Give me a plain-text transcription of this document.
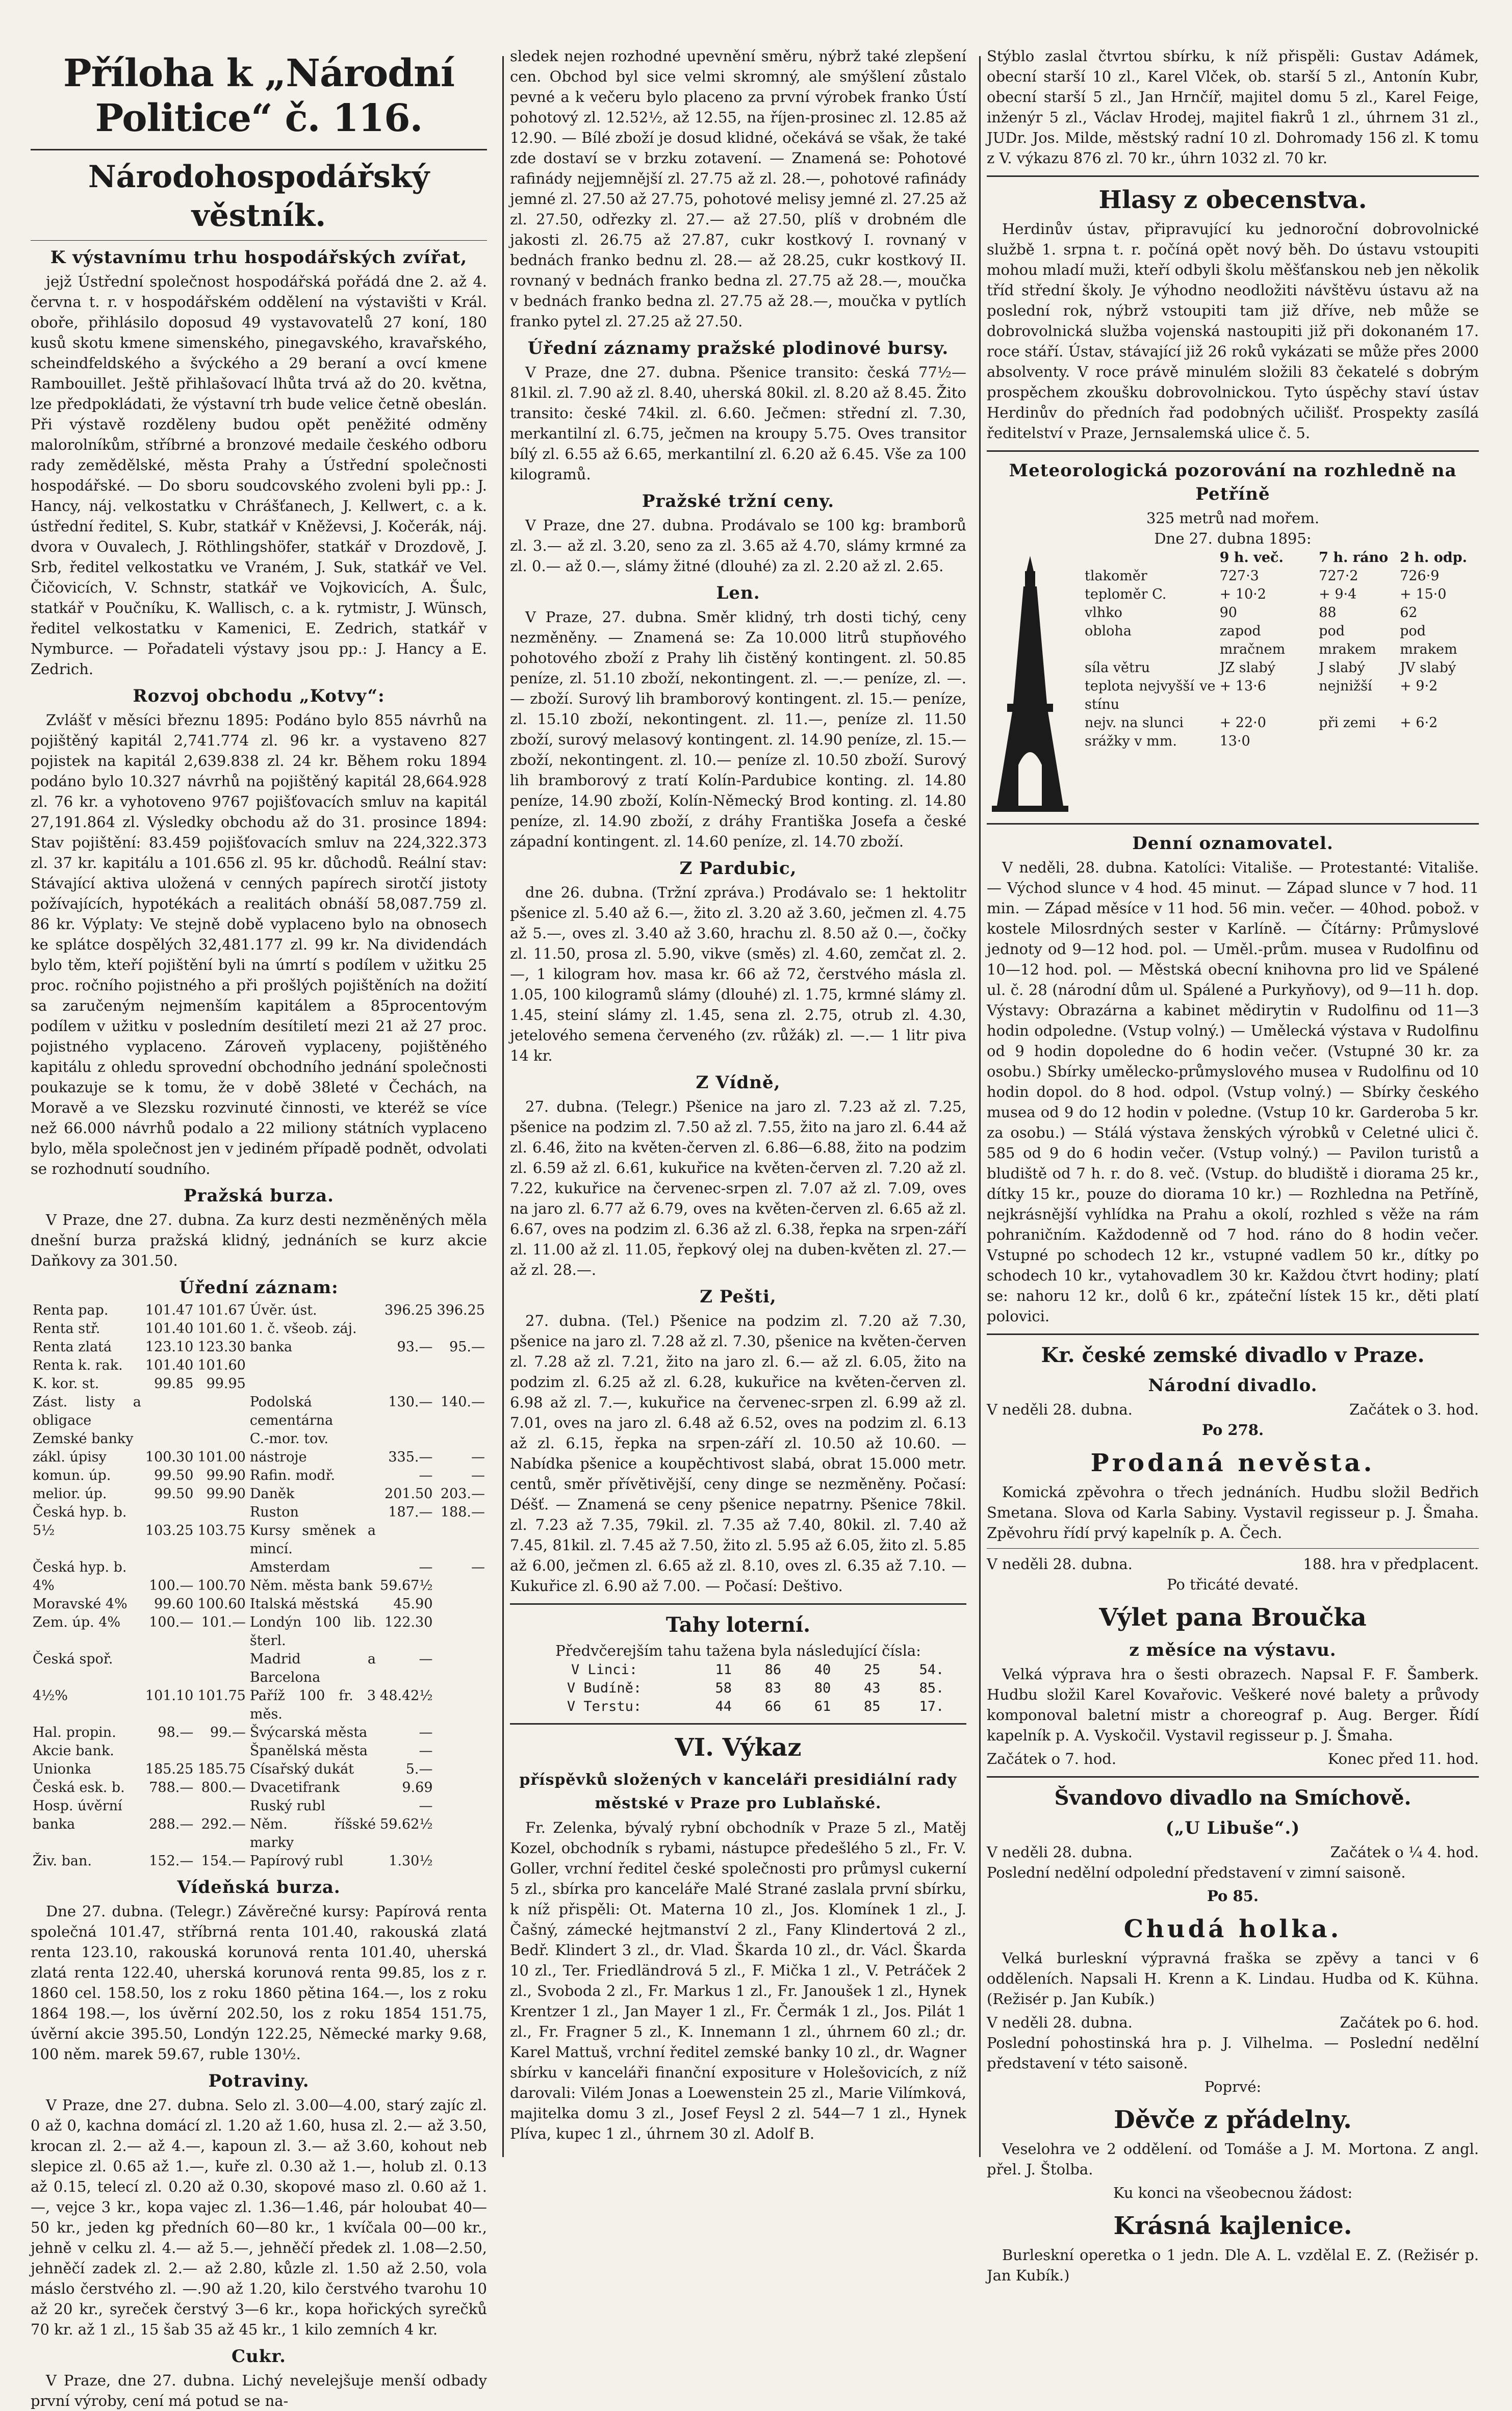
Příloha k „Národní Politice“ č. 116.
Národohospodářský věstník.
K výstavnímu trhu hospodářských zvířat,

jejž Ústřední společnost hospodářská pořádá dne 2. až 4. června t. r. v hospodářském oddělení na výstavišti v Král. oboře, přihlásilo doposud 49 vystavovatelů 27 koní, 180 kusů skotu kmene simenského, pinegavského, kravařského, scheindfeldského a švýckého a 29 beraní a ovcí kmene Rambouillet. Ještě přihlašovací lhůta trvá až do 20. května, lze předpokládati, že výstavní trh bude velice četně obeslán. Při výstavě rozděleny budou opět peněžité odměny malorolníkům, stříbrné a bronzové medaile českého odboru rady zemědělské, města Prahy a Ústřední společnosti hospodářské. — Do sboru soudcovského zvoleni byli pp.: J. Hancy, náj. velkostatku v Chrášťanech, J. Kellwert, c. a k. ústřední ředitel, S. Kubr, statkář v Kněževsi, J. Kočerák, náj. dvora v Ouvalech, J. Röthlingshöfer, statkář v Drozdově, J. Srb, ředitel velkostatku ve Vraném, J. Suk, statkář ve Vel. Čičovicích, V. Schnstr, statkář ve Vojkovicích, A. Šulc, statkář v Poučníku, K. Wallisch, c. a k. rytmistr, J. Wünsch, ředitel velkostatku v Kamenici, E. Zedrich, statkář v Nymburce. — Pořadateli výstavy jsou pp.: J. Hancy a E. Zedrich.

Rozvoj obchodu „Kotvy“:

Zvlášť v měsíci březnu 1895: Podáno bylo 855 návrhů na pojištěný kapitál 2,741.774 zl. 96 kr. a vystaveno 827 pojistek na kapitál 2,639.838 zl. 24 kr. Během roku 1894 podáno bylo 10.327 návrhů na pojištěný kapitál 28,664.928 zl. 76 kr. a vyhotoveno 9767 pojišťovacích smluv na kapitál 27,191.864 zl. Výsledky obchodu až do 31. prosince 1894: Stav pojištění: 83.459 pojišťovacích smluv na 224,322.373 zl. 37 kr. kapitálu a 101.656 zl. 95 kr. důchodů. Reální stav: Stávající aktiva uložená v cenných papírech sirotčí jistoty požívajících, hypotékách a realitách obnáší 58,087.759 zl. 86 kr. Výplaty: Ve stejně době vyplaceno bylo na obnosech ke splátce dospělých 32,481.177 zl. 99 kr. Na dividendách bylo těm, kteří pojištění byli na úmrtí s podílem v užitku 25 proc. ročního pojistného a při prošlých pojištěních na dožití sa zaručeným nejmenším kapitálem a 85procentovým podílem v užitku v posledním desítiletí mezi 21 až 27 proc. pojistného vyplaceno. Zároveň vyplaceny, pojištěného kapitálu z ohledu sprovední obchodního jednání společnosti poukazuje se k tomu, že v době 38leté v Čechách, na Moravě a ve Slezsku rozvinuté činnosti, ve kteréž se více než 66.000 návrhů podalo a 22 miliony státních vyplaceno bylo, měla společnost jen v jediném případě podnět, odvolati se rozhodnutí soudního.

Pražská burza.

V Praze, dne 27. dubna. Za kurz desti nezměněných měla dnešní burza pražská klidný, jednáních se kurz akcie Daňkovy za 301.50.

Úřední záznam:
Renta pap.	101.47	101.67	Úvěr. úst.	396.25	396.25
Renta stř.	101.40	101.60	1. č. všeob. záj.		
Renta zlatá	123.10	123.30	banka	93.—	95.—
Renta k. rak.	101.40	101.60			
K. kor. st.	99.85	99.95			
Zást. listy a obligace			Podolská cementárna	130.—	140.—
Zemské banky			C.-mor. tov.		
zákl. úpisy	100.30	101.00	nástroje	335.—	—
komun. úp.	99.50	99.90	Rafin. modř.	—	—
melior. úp.	99.50	99.90	Daněk	201.50	203.—
Česká hyp. b.			Ruston	187.—	188.—
5½	103.25	103.75	Kursy směnek a mincí.		
Česká hyp. b.			Amsterdam	—	—
4%	100.—	100.70	Něm. města bank	59.67½	
Moravské 4%	99.60	100.60	Italská městská	45.90	
Zem. úp. 4%	100.—	101.—	Londýn 100 lib. šterl.	122.30	
Česká spoř.			Madrid a Barcelona	—	
4½%	101.10	101.75	Paříž 100 fr. 3 měs.	48.42½	
Hal. propin.	98.—	99.—	Švýcarská města	—	
Akcie bank.			Španělská města	—	
Unionka	185.25	185.75	Císařský dukát	5.—	
Česká esk. b.	788.—	800.—	Dvacetifrank	9.69	
Hosp. úvěrní			Ruský rubl	—	
banka	288.—	292.—	Něm. říšské marky	59.62½	
Živ. ban.	152.—	154.—	Papírový rubl	1.30½	
Vídeňská burza.

Dne 27. dubna. (Telegr.) Závěrečné kursy: Papírová renta společná 101.47, stříbrná renta 101.40, rakouská zlatá renta 123.10, rakouská korunová renta 101.40, uherská zlatá renta 122.40, uherská korunová renta 99.85, los z r. 1860 cel. 158.50, los z roku 1860 pětina 164.—, los z roku 1864 198.—, los úvěrní 202.50, los z roku 1854 151.75, úvěrní akcie 395.50, Londýn 122.25, Německé marky 9.68, 100 něm. marek 59.67, ruble 130½.

Potraviny.

V Praze, dne 27. dubna. Selo zl. 3.00—4.00, starý zajíc zl. 0 až 0, kachna domácí zl. 1.20 až 1.60, husa zl. 2.— až 3.50, krocan zl. 2.— až 4.—, kapoun zl. 3.— až 3.60, kohout neb slepice zl. 0.65 až 1.—, kuře zl. 0.30 až 1.—, holub zl. 0.13 až 0.15, telecí zl. 0.20 až 0.30, skopové maso zl. 0.60 až 1.—, vejce 3 kr., kopa vajec zl. 1.36—1.46, pár holoubat 40—50 kr., jeden kg předních 60—80 kr., 1 kvíčala 00—00 kr., jehně v celku zl. 4.— až 5.—, jehněčí předek zl. 1.08—2.50, jehněčí zadek zl. 2.— až 2.80, kůzle zl. 1.50 až 2.50, vola máslo čerstvého zl. —.90 až 1.20, kilo čerstvého tvarohu 10 až 20 kr., syreček čerstvý 3—6 kr., kopa hořických syrečků 70 kr. až 1 zl., 15 šab 35 až 45 kr., 1 kilo zemních 4 kr.

Cukr.

V Praze, dne 27. dubna. Lichý nevelejšuje menší odbady první výroby, cení má potud se na-

sledek nejen rozhodné upevnění směru, nýbrž také zlepšení cen. Obchod byl sice velmi skromný, ale smýšlení zůstalo pevné a k večeru bylo placeno za první výrobek franko Ústí pohotový zl. 12.52½, až 12.55, na říjen-prosinec zl. 12.85 až 12.90. — Bílé zboží je dosud klidné, očekává se však, že také zde dostaví se v brzku zotavení. — Znamená se: Pohotové rafinády nejjemnější zl. 27.75 až zl. 28.—, pohotové rafinády jemné zl. 27.50 až 27.75, pohotové melisy jemné zl. 27.25 až zl. 27.50, odřezky zl. 27.— až 27.50, plíš v drobném dle jakosti zl. 26.75 až 27.87, cukr kostkový I. rovnaný v bednách franko bednu zl. 28.— až 28.25, cukr kostkový II. rovnaný v bednách franko bedna zl. 27.75 až 28.—, moučka v bednách franko bedna zl. 27.75 až 28.—, moučka v pytlích franko pytel zl. 27.25 až 27.50.

Úřední záznamy pražské plodinové bursy.

V Praze, dne 27. dubna. Pšenice transito: česká 77½—81kil. zl. 7.90 až zl. 8.40, uherská 80kil. zl. 8.20 až 8.45. Žito transito: české 74kil. zl. 6.60. Ječmen: střední zl. 7.30, merkantilní zl. 6.75, ječmen na kroupy 5.75. Oves transitor bílý zl. 6.55 až 6.65, merkantilní zl. 6.20 až 6.45. Vše za 100 kilogramů.

Pražské tržní ceny.

V Praze, dne 27. dubna. Prodávalo se 100 kg: bramborů zl. 3.— až zl. 3.20, seno za zl. 3.65 až 4.70, slámy krmné za zl. 0.— až 0.—, slámy žitné (dlouhé) za zl. 2.20 až zl. 2.65.

Len.

V Praze, 27. dubna. Směr klidný, trh dosti tichý, ceny nezměněny. — Znamená se: Za 10.000 litrů stupňového pohotového zboží z Prahy lih čistěný kontingent. zl. 50.85 peníze, zl. 51.10 zboží, nekontingent. zl. —.— peníze, zl. —.— zboží. Surový lih bramborový kontingent. zl. 15.— peníze, zl. 15.10 zboží, nekontingent. zl. 11.—, peníze zl. 11.50 zboží, surový melasový kontingent. zl. 14.90 peníze, zl. 15.— zboží, nekontingent. zl. 10.— peníze zl. 10.50 zboží. Surový lih bramborový z tratí Kolín-Pardubice konting. zl. 14.80 peníze, 14.90 zboží, Kolín-Německý Brod konting. zl. 14.80 peníze, zl. 14.90 zboží, z dráhy Františka Josefa a české západní kontingent. zl. 14.60 peníze, zl. 14.70 zboží.

Z Pardubic,

dne 26. dubna. (Tržní zpráva.) Prodávalo se: 1 hektolitr pšenice zl. 5.40 až 6.—, žito zl. 3.20 až 3.60, ječmen zl. 4.75 až 5.—, oves zl. 3.40 až 3.60, hrachu zl. 8.50 až 0.—, čočky zl. 11.50, prosa zl. 5.90, vikve (směs) zl. 4.60, zemčat zl. 2.—, 1 kilogram hov. masa kr. 66 až 72, čerstvého másla zl. 1.05, 100 kilogramů slámy (dlouhé) zl. 1.75, krmné slámy zl. 1.45, steiní slámy zl. 1.45, sena zl. 2.75, otrub zl. 4.30, jetelového semena červeného (zv. růžák) zl. —.— 1 litr piva 14 kr.

Z Vídně,

27. dubna. (Telegr.) Pšenice na jaro zl. 7.23 až zl. 7.25, pšenice na podzim zl. 7.50 až zl. 7.55, žito na jaro zl. 6.44 až zl. 6.46, žito na květen-červen zl. 6.86—6.88, žito na podzim zl. 6.59 až zl. 6.61, kukuřice na květen-červen zl. 7.20 až zl. 7.22, kukuřice na červenec-srpen zl. 7.07 až zl. 7.09, oves na jaro zl. 6.77 až 6.79, oves na květen-červen zl. 6.65 až zl. 6.67, oves na podzim zl. 6.36 až zl. 6.38, řepka na srpen-září zl. 11.00 až zl. 11.05, řepkový olej na duben-květen zl. 27.— až zl. 28.—.

Z Pešti,

27. dubna. (Tel.) Pšenice na podzim zl. 7.20 až 7.30, pšenice na jaro zl. 7.28 až zl. 7.30, pšenice na květen-červen zl. 7.28 až zl. 7.21, žito na jaro zl. 6.— až zl. 6.05, žito na podzim zl. 6.25 až zl. 6.28, kukuřice na květen-červen zl. 6.98 až zl. 7.—, kukuřice na červenec-srpen zl. 6.99 až zl. 7.01, oves na jaro zl. 6.48 až 6.52, oves na podzim zl. 6.13 až zl. 6.15, řepka na srpen-září zl. 10.50 až 10.60. — Nabídka pšenice a koupěchtivost slabá, obrat 15.000 metr. centů, směr přívětivější, ceny dinge se nezměněny. Počasí: Déšť. — Znamená se ceny pšenice nepatrny. Pšenice 78kil. zl. 7.23 až 7.35, 79kil. zl. 7.35 až 7.40, 80kil. zl. 7.40 až 7.45, 81kil. zl. 7.45 až 7.50, žito zl. 5.95 až 6.05, žito zl. 5.85 až 6.00, ječmen zl. 6.65 až zl. 8.10, oves zl. 6.35 až 7.10. — Kukuřice zl. 6.90 až 7.00. — Počasí: Deštivo.

Tahy loterní.
Předvčerejším tahu tažena byla následující čísla:
V Linci:	11	86	40	25	54.
V Budíně:	58	83	80	43	85.
V Terstu:	44	66	61	85	17.
VI. Výkaz
příspěvků složených v kanceláři presidiální rady městské v Praze pro Lublaňské.

Fr. Zelenka, bývalý rybní obchodník v Praze 5 zl., Matěj Kozel, obchodník s rybami, nástupce předešlého 5 zl., Fr. V. Goller, vrchní ředitel české společnosti pro průmysl cukerní 5 zl., sbírka pro kanceláře Malé Strané zaslala první sbírku, k níž přispěli: Ot. Materna 10 zl., Jos. Klomínek 1 zl., J. Čašný, zámecké hejtmanství 2 zl., Fany Klindertová 2 zl., Bedř. Klindert 3 zl., dr. Vlad. Škarda 10 zl., dr. Václ. Škarda 10 zl., Ter. Friedländrová 5 zl., F. Mička 1 zl., V. Petráček 2 zl., Svoboda 2 zl., Fr. Markus 1 zl., Fr. Janoušek 1 zl., Hynek Krentzer 1 zl., Jan Mayer 1 zl., Fr. Čermák 1 zl., Jos. Pilát 1 zl., Fr. Fragner 5 zl., K. Innemann 1 zl., úhrnem 60 zl.; dr. Karel Mattuš, vrchní ředitel zemské banky 10 zl., dr. Wagner sbírku v kanceláři finanční expositure v Holešovicích, z níž darovali: Vilém Jonas a Loewenstein 25 zl., Marie Vilímková, majitelka domu 3 zl., Josef Feysl 2 zl. 544—7 1 zl., Hynek Plíva, kupec 1 zl., úhrnem 30 zl. Adolf B.

Stýblo zaslal čtvrtou sbírku, k níž přispěli: Gustav Adámek, obecní starší 10 zl., Karel Vlček, ob. starší 5 zl., Antonín Kubr, obecní starší 5 zl., Jan Hrnčíř, majitel domu 5 zl., Karel Feige, inženýr 5 zl., Václav Hrodej, majitel fiakrů 1 zl., úhrnem 31 zl., JUDr. Jos. Milde, městský radní 10 zl. Dohromady 156 zl. K tomu z V. výkazu 876 zl. 70 kr., úhrn 1032 zl. 70 kr.

Hlasy z obecenstva.

Herdinův ústav, připravující ku jednoroční dobrovolnické službě 1. srpna t. r. počíná opět nový běh. Do ústavu vstoupiti mohou mladí muži, kteří odbyli školu měšťanskou neb jen několik tříd střední školy. Je výhodno neodložiti návštěvu ústavu až na poslední rok, nýbrž vstoupiti tam již dříve, neb může se dobrovolnická služba vojenská nastoupiti již při dokonaném 17. roce stáří. Ústav, stávající již 26 roků vykázati se může přes 2000 absolventy. V roce právě minulém složili 83 čekatelé s dobrým prospěchem zkoušku dobrovolnickou. Tyto úspěchy staví ústav Herdinův do předních řad podobných učilišť. Prospekty zasílá ředitelství v Praze, Jernsalemská ulice č. 5.

Meteorologická pozorování na rozhledně na Petříně
325 metrů nad mořem.
Dne 27. dubna 1895:
	9 h. več.	7 h. ráno	2 h. odp.
tlakoměr	727·3	727·2	726·9
teploměr C.	+ 10·2	+ 9·4	+ 15·0
vlhko	90	88	62
obloha	zapod mračnem	pod mrakem	pod mrakem
síla větru	JZ slabý	J slabý	JV slabý
teplota nejvyšší ve stínu	+ 13·6	nejnižší	+ 9·2
nejv. na slunci	+ 22·0	při zemi	+ 6·2
srážky v mm.	13·0		
Denní oznamovatel.

V neděli, 28. dubna. Katolíci: Vitališe. — Protestanté: Vitališe. — Východ slunce v 4 hod. 45 minut. — Západ slunce v 7 hod. 11 min. — Západ měsíce v 11 hod. 56 min. večer. — 40hod. pobož. v kostele Milosrdných sester v Karlíně. — Čítárny: Průmyslové jednoty od 9—12 hod. pol. — Uměl.-prům. musea v Rudolfinu od 10—12 hod. pol. — Městská obecní knihovna pro lid ve Spálené ul. č. 28 (národní dům ul. Spálené a Purkyňovy), od 9—11 h. dop. Výstavy: Obrazárna a kabinet mědirytin v Rudolfinu od 11—3 hodin odpoledne. (Vstup volný.) — Umělecká výstava v Rudolfinu od 9 hodin dopoledne do 6 hodin večer. (Vstupné 30 kr. za osobu.) Sbírky umělecko-průmyslového musea v Rudolfinu od 10 hodin dopol. do 8 hod. odpol. (Vstup volný.) — Sbírky českého musea od 9 do 12 hodin v poledne. (Vstup 10 kr. Garderoba 5 kr. za osobu.) — Stálá výstava ženských výrobků v Celetné ulici č. 585 od 9 do 6 hodin večer. (Vstup volný.) — Pavilon turistů a bludiště od 7 h. r. do 8. več. (Vstup. do bludiště i diorama 25 kr., dítky 15 kr., pouze do diorama 10 kr.) — Rozhledna na Petříně, nejkrásnější vyhlídka na Prahu a okolí, rozhled s věže na rám pohraničním. Každodenně od 7 hod. ráno do 8 hodin večer. Vstupné po schodech 12 kr., vstupné vadlem 50 kr., dítky po schodech 10 kr., vytahovadlem 30 kr. Každou čtvrt hodiny; platí se: nahoru 12 kr., dolů 6 kr., zpáteční lístek 15 kr., děti platí polovici.

Kr. české zemské divadlo v Praze.
Národní divadlo.
V neděli 28. dubna.	Začátek o 3. hod.
Po 278.
Prodaná nevěsta.

Komická zpěvohra o třech jednáních. Hudbu složil Bedřich Smetana. Slova od Karla Sabiny. Vystavil regisseur p. J. Šmaha. Zpěvohru řídí prvý kapelník p. A. Čech.

V neděli 28. dubna.	188. hra v předplacent.
Po třicáté devaté.
Výlet pana Broučka
z měsíce na výstavu.

Velká výprava hra o šesti obrazech. Napsal F. F. Šamberk. Hudbu složil Karel Kovařovic. Veškeré nové balety a průvody komponoval baletní mistr a choreograf p. Aug. Berger. Řídí kapelník p. A. Vyskočil. Vystavil regisseur p. J. Šmaha.

Začátek o 7. hod.	Konec před 11. hod.
Švandovo divadlo na Smíchově.
(„U Libuše“.)
V neděli 28. dubna.	Začátek o ¼ 4. hod.

Poslední nedělní odpolední představení v zimní saisoně.

Po 85.
Chudá holka.

Velká burleskní výpravná fraška se zpěvy a tanci v 6 odděleních. Napsali H. Krenn a K. Lindau. Hudba od K. Kühna. (Režisér p. Jan Kubík.)

V neděli 28. dubna.	Začátek po 6. hod.

Poslední pohostinská hra p. J. Vilhelma. — Poslední nedělní představení v této saisoně.

Poprvé:
Děvče z přádelny.

Veselohra ve 2 oddělení. od Tomáše a J. M. Mortona. Z angl. přel. J. Štolba.

Ku konci na všeobecnou žádost:
Krásná kajlenice.

Burleskní operetka o 1 jedn. Dle A. L. vzdělal E. Z. (Režisér p. Jan Kubík.)
